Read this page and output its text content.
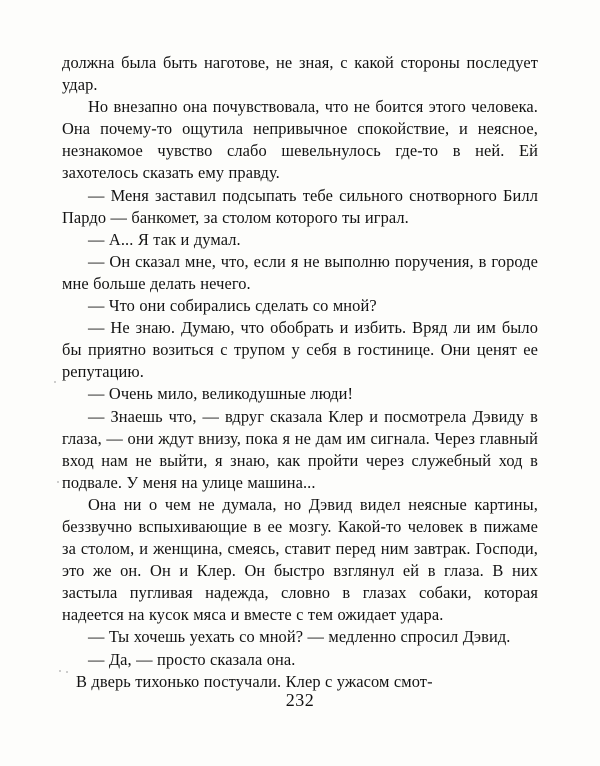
должна была быть наготове, не зная, с какой стороны последует удар.

Но внезапно она почувствовала, что не боится этого человека. Она почему-то ощутила непривычное спокойствие, и неясное, незнакомое чувство слабо шевельнулось где-то в ней. Ей захотелось сказать ему правду.

— Меня заставил подсыпать тебе сильного снотворного Билл Пардо — банкомет, за столом которого ты играл.

— А... Я так и думал.

— Он сказал мне, что, если я не выполню поручения, в городе мне больше делать нечего.

— Что они собирались сделать со мной?

— Не знаю. Думаю, что обобрать и избить. Вряд ли им было бы приятно возиться с трупом у себя в гостинице. Они ценят ее репутацию.

— Очень мило, великодушные люди!

— Знаешь что, — вдруг сказала Клер и посмотрела Дэвиду в глаза, — они ждут внизу, пока я не дам им сигнала. Через главный вход нам не выйти, я знаю, как пройти через служебный ход в подвале. У меня на улице машина...

Она ни о чем не думала, но Дэвид видел неясные картины, беззвучно вспыхивающие в ее мозгу. Какой-то человек в пижаме за столом, и женщина, смеясь, ставит перед ним завтрак. Господи, это же он. Он и Клер. Он быстро взглянул ей в глаза. В них застыла пугливая надежда, словно в глазах собаки, которая надеется на кусок мяса и вместе с тем ожидает удара.

— Ты хочешь уехать со мной? — медленно спросил Дэвид.

— Да, — просто сказала она.

В дверь тихонько постучали. Клер с ужасом смот-

232
